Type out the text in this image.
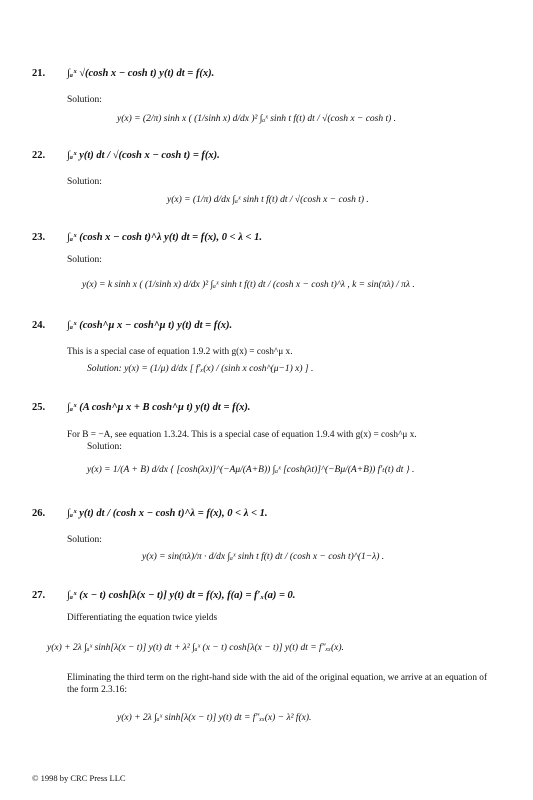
21. ∫ₐˣ √(cosh x − cosh t) y(t) dt = f(x).
Solution:
y(x) = (2/π) sinh x ( (1/sinh x) d/dx )² ∫ₐˣ sinh t f(t) dt / √(cosh x − cosh t) .
22. ∫ₐˣ y(t) dt / √(cosh x − cosh t) = f(x).
Solution:
y(x) = (1/π) d/dx ∫ₐˣ sinh t f(t) dt / √(cosh x − cosh t) .
23. ∫ₐˣ (cosh x − cosh t)^λ y(t) dt = f(x), 0 < λ < 1.
Solution:
y(x) = k sinh x ( (1/sinh x) d/dx )² ∫ₐˣ sinh t f(t) dt / (cosh x − cosh t)^λ , k = sin(πλ) / πλ .
24. ∫ₐˣ (cosh^μ x − cosh^μ t) y(t) dt = f(x).
This is a special case of equation 1.9.2 with g(x) = cosh^μ x.
Solution: y(x) = (1/μ) d/dx [ f′ₓ(x) / (sinh x cosh^(μ−1) x) ] .
25. ∫ₐˣ (A cosh^μ x + B cosh^μ t) y(t) dt = f(x).
For B = −A, see equation 1.3.24. This is a special case of equation 1.9.4 with g(x) = cosh^μ x.
Solution:
y(x) = 1/(A + B) d/dx { [cosh(λx)]^(−Aμ/(A+B)) ∫ₐˣ [cosh(λt)]^(−Bμ/(A+B)) f′ₜ(t) dt } .
26. ∫ₐˣ y(t) dt / (cosh x − cosh t)^λ = f(x), 0 < λ < 1.
Solution:
y(x) = sin(πλ)/π · d/dx ∫ₐˣ sinh t f(t) dt / (cosh x − cosh t)^(1−λ) .
27. ∫ₐˣ (x − t) cosh[λ(x − t)] y(t) dt = f(x), f(a) = f′ₓ(a) = 0.
Differentiating the equation twice yields
y(x) + 2λ ∫ₐˣ sinh[λ(x − t)] y(t) dt + λ² ∫ₐˣ (x − t) cosh[λ(x − t)] y(t) dt = f″ₓₓ(x).
Eliminating the third term on the right-hand side with the aid of the original equation, we arrive at an equation of the form 2.3.16:
y(x) + 2λ ∫ₐˣ sinh[λ(x − t)] y(t) dt = f″ₓₓ(x) − λ² f(x).
© 1998 by CRC Press LLC
